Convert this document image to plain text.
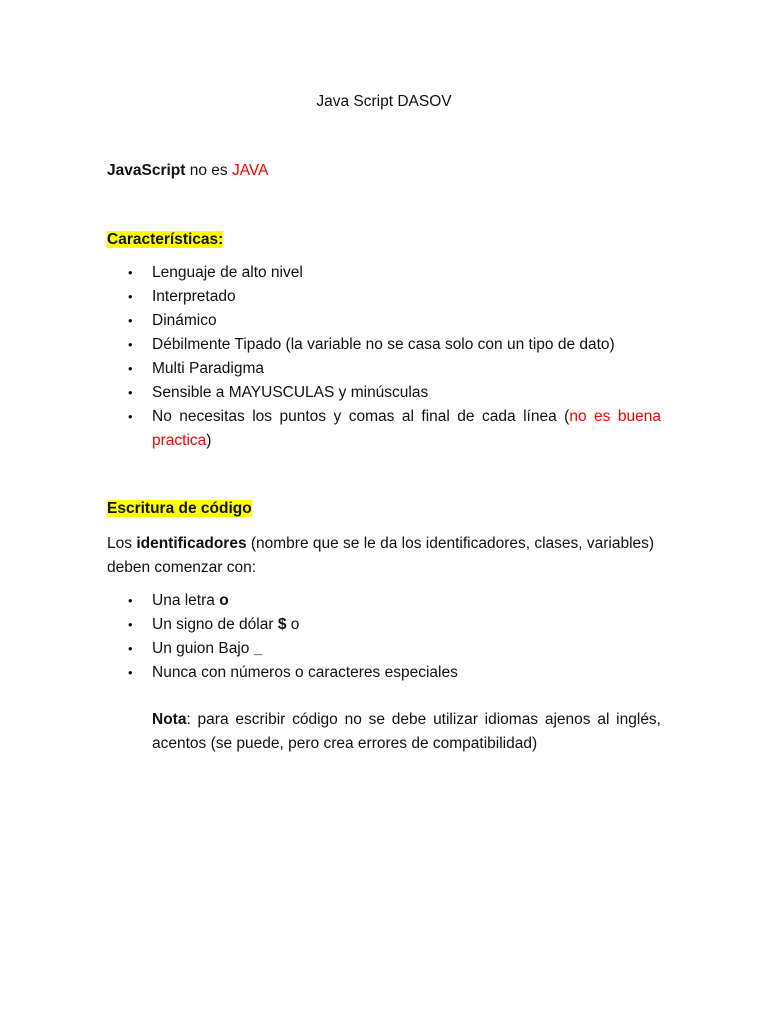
Java Script DASOV
JavaScript no es JAVA
Características:
• Lenguaje de alto nivel
• Interpretado
• Dinámico
• Débilmente Tipado (la variable no se casa solo con un tipo de dato)
• Multi Paradigma
• Sensible a MAYUSCULAS y minúsculas
• No necesitas los puntos y comas al final de cada línea (no es buena practica)
Escritura de código
Los identificadores (nombre que se le da los identificadores, clases, variables) deben comenzar con:
• Una letra o
• Un signo de dólar $ o
• Un guion Bajo _
• Nunca con números o caracteres especiales
Nota: para escribir código no se debe utilizar idiomas ajenos al inglés, acentos (se puede, pero crea errores de compatibilidad)
